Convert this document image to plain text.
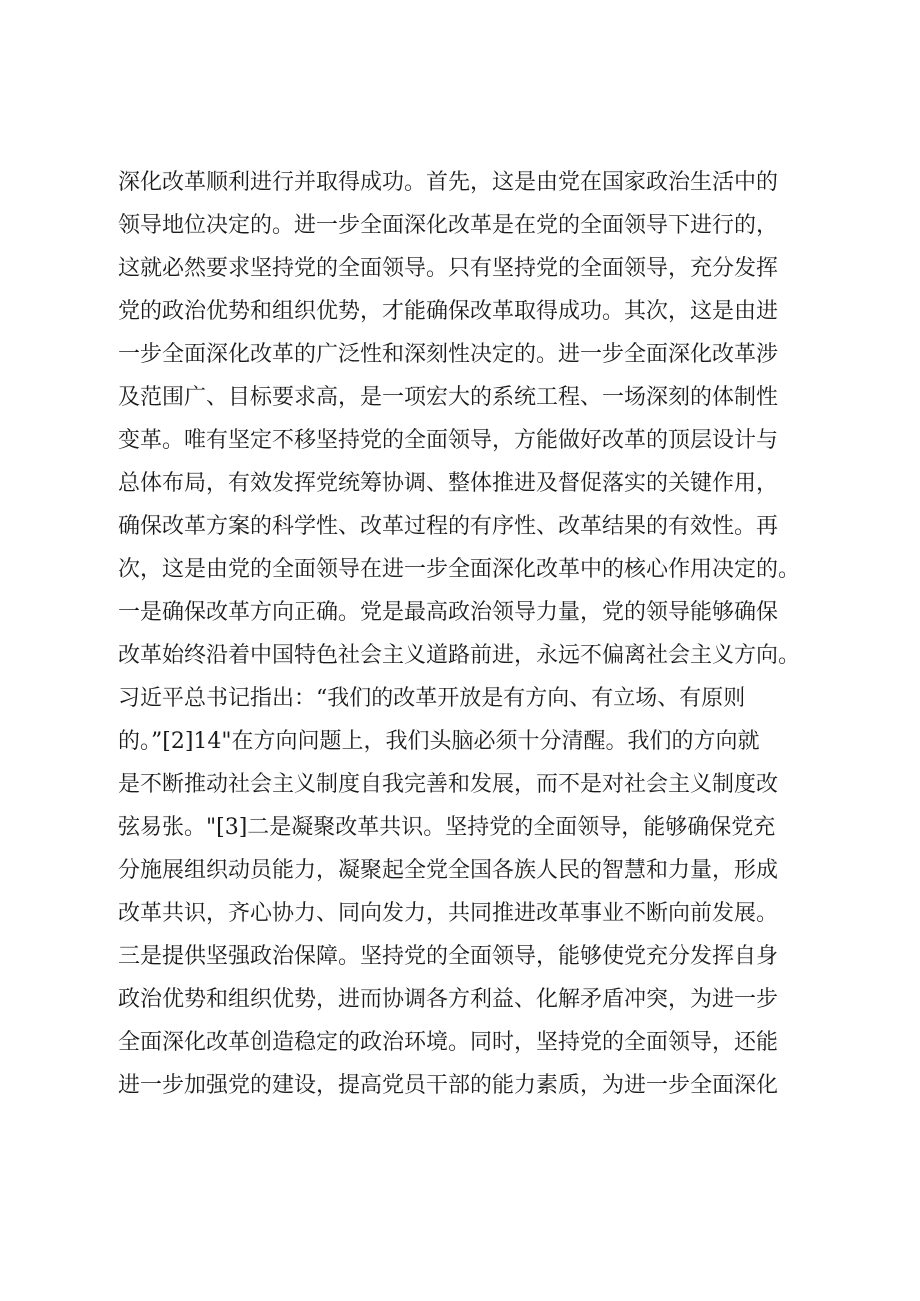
深化改革顺利进行并取得成功。首先，这是由党在国家政治生活中的
领导地位决定的。进一步全面深化改革是在党的全面领导下进行的，
这就必然要求坚持党的全面领导。只有坚持党的全面领导，充分发挥
党的政治优势和组织优势，才能确保改革取得成功。其次，这是由进
一步全面深化改革的广泛性和深刻性决定的。进一步全面深化改革涉
及范围广、目标要求高，是一项宏大的系统工程、一场深刻的体制性
变革。唯有坚定不移坚持党的全面领导，方能做好改革的顶层设计与
总体布局，有效发挥党统筹协调、整体推进及督促落实的关键作用，
确保改革方案的科学性、改革过程的有序性、改革结果的有效性。再
次，这是由党的全面领导在进一步全面深化改革中的核心作用决定的。
一是确保改革方向正确。党是最高政治领导力量，党的领导能够确保
改革始终沿着中国特色社会主义道路前进，永远不偏离社会主义方向。
习近平总书记指出：“我们的改革开放是有方向、有立场、有原则
的。”[2]14"在方向问题上，我们头脑必须十分清醒。我们的方向就
是不断推动社会主义制度自我完善和发展，而不是对社会主义制度改
弦易张。"[3]二是凝聚改革共识。坚持党的全面领导，能够确保党充
分施展组织动员能力，凝聚起全党全国各族人民的智慧和力量，形成
改革共识，齐心协力、同向发力，共同推进改革事业不断向前发展。
三是提供坚强政治保障。坚持党的全面领导，能够使党充分发挥自身
政治优势和组织优势，进而协调各方利益、化解矛盾冲突，为进一步
全面深化改革创造稳定的政治环境。同时，坚持党的全面领导，还能
进一步加强党的建设，提高党员干部的能力素质，为进一步全面深化
